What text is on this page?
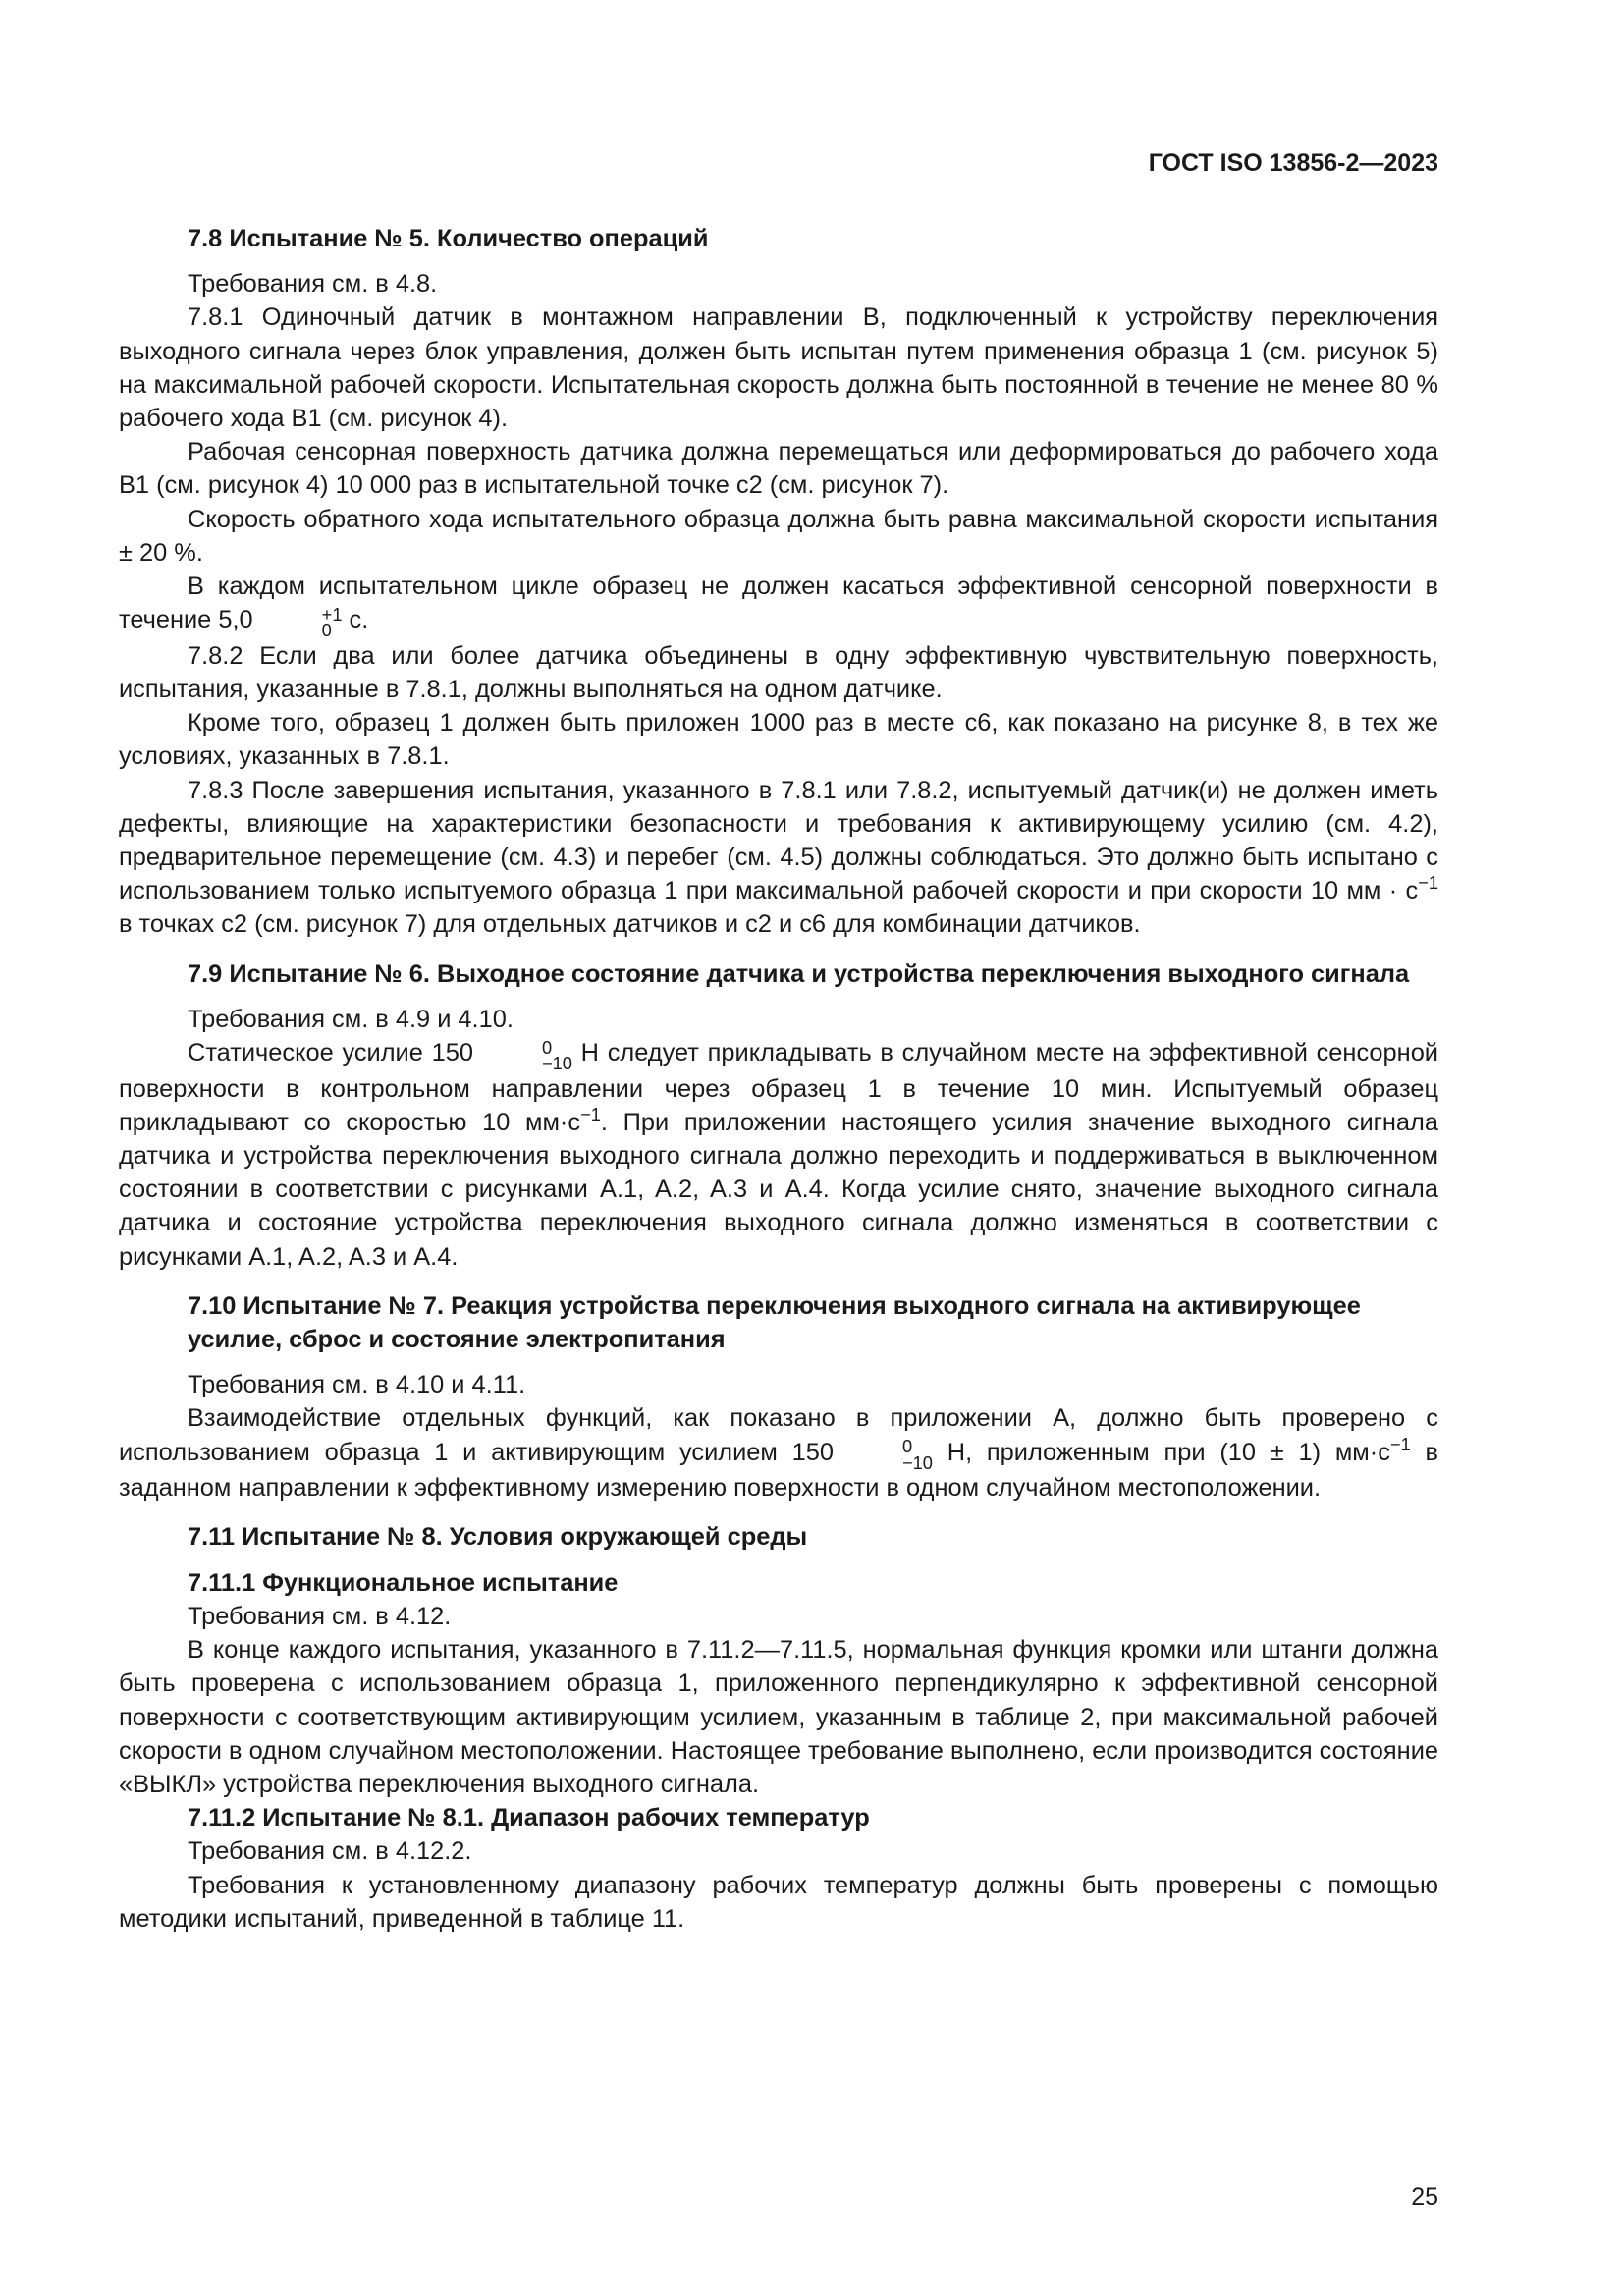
ГОСТ ISO 13856-2—2023
7.8 Испытание № 5. Количество операций

Требования см. в 4.8.

7.8.1 Одиночный датчик в монтажном направлении B, подключенный к устройству переключения выходного сигнала через блок управления, должен быть испытан путем применения образца 1 (см. рисунок 5) на максимальной рабочей скорости. Испытательная скорость должна быть постоянной в течение не менее 80 % рабочего хода B1 (см. рисунок 4).

Рабочая сенсорная поверхность датчика должна перемещаться или деформироваться до рабочего хода B1 (см. рисунок 4) 10 000 раз в испытательной точке c2 (см. рисунок 7).

Скорость обратного хода испытательного образца должна быть равна максимальной скорости испытания ± 20 %.

В каждом испытательном цикле образец не должен касаться эффективной сенсорной поверхности в течение 5,0	+1
0 с.

7.8.2 Если два или более датчика объединены в одну эффективную чувствительную поверхность, испытания, указанные в 7.8.1, должны выполняться на одном датчике.

Кроме того, образец 1 должен быть приложен 1000 раз в месте c6, как показано на рисунке 8, в тех же условиях, указанных в 7.8.1.

7.8.3 После завершения испытания, указанного в 7.8.1 или 7.8.2, испытуемый датчик(и) не должен иметь дефекты, влияющие на характеристики безопасности и требования к активирующему усилию (см. 4.2), предварительное перемещение (см. 4.3) и перебег (см. 4.5) должны соблюдаться. Это должно быть испытано с использованием только испытуемого образца 1 при максимальной рабочей скорости и при скорости 10 мм · $с^{-1}$ в точках c2 (см. рисунок 7) для отдельных датчиков и c2 и c6 для комбинации датчиков.

7.9 Испытание № 6. Выходное состояние датчика и устройства переключения выходного сигнала

Требования см. в 4.9 и 4.10.

Статическое усилие 150	0
−10 Н следует прикладывать в случайном месте на эффективной сенсорной поверхности в контрольном направлении через образец 1 в течение 10 мин. Испытуемый образец прикладывают со скоростью 10 $мм\cdot с^{-1}$. При приложении настоящего усилия значение выходного сигнала датчика и устройства переключения выходного сигнала должно переходить и поддерживаться в выключенном состоянии в соответствии с рисунками A.1, A.2, A.3 и A.4. Когда усилие снято, значение выходного сигнала датчика и состояние устройства переключения выходного сигнала должно изменяться в соответствии с рисунками A.1, A.2, A.3 и A.4.

7.10 Испытание № 7. Реакция устройства переключения выходного сигнала на активирующее усилие, сброс и состояние электропитания

Требования см. в 4.10 и 4.11.

Взаимодействие отдельных функций, как показано в приложении A, должно быть проверено с использованием образца 1 и активирующим усилием 150	0
−10 Н, приложенным при (10 ± 1) $мм\cdot с^{-1}$ в заданном направлении к эффективному измерению поверхности в одном случайном местоположении.

7.11 Испытание № 8. Условия окружающей среды
7.11.1 Функциональное испытание

Требования см. в 4.12.

В конце каждого испытания, указанного в 7.11.2—7.11.5, нормальная функция кромки или штанги должна быть проверена с использованием образца 1, приложенного перпендикулярно к эффективной сенсорной поверхности с соответствующим активирующим усилием, указанным в таблице 2, при максимальной рабочей скорости в одном случайном местоположении. Настоящее требование выполнено, если производится состояние «ВЫКЛ» устройства переключения выходного сигнала.

7.11.2 Испытание № 8.1. Диапазон рабочих температур

Требования см. в 4.12.2.

Требования к установленному диапазону рабочих температур должны быть проверены с помощью методики испытаний, приведенной в таблице 11.

25
